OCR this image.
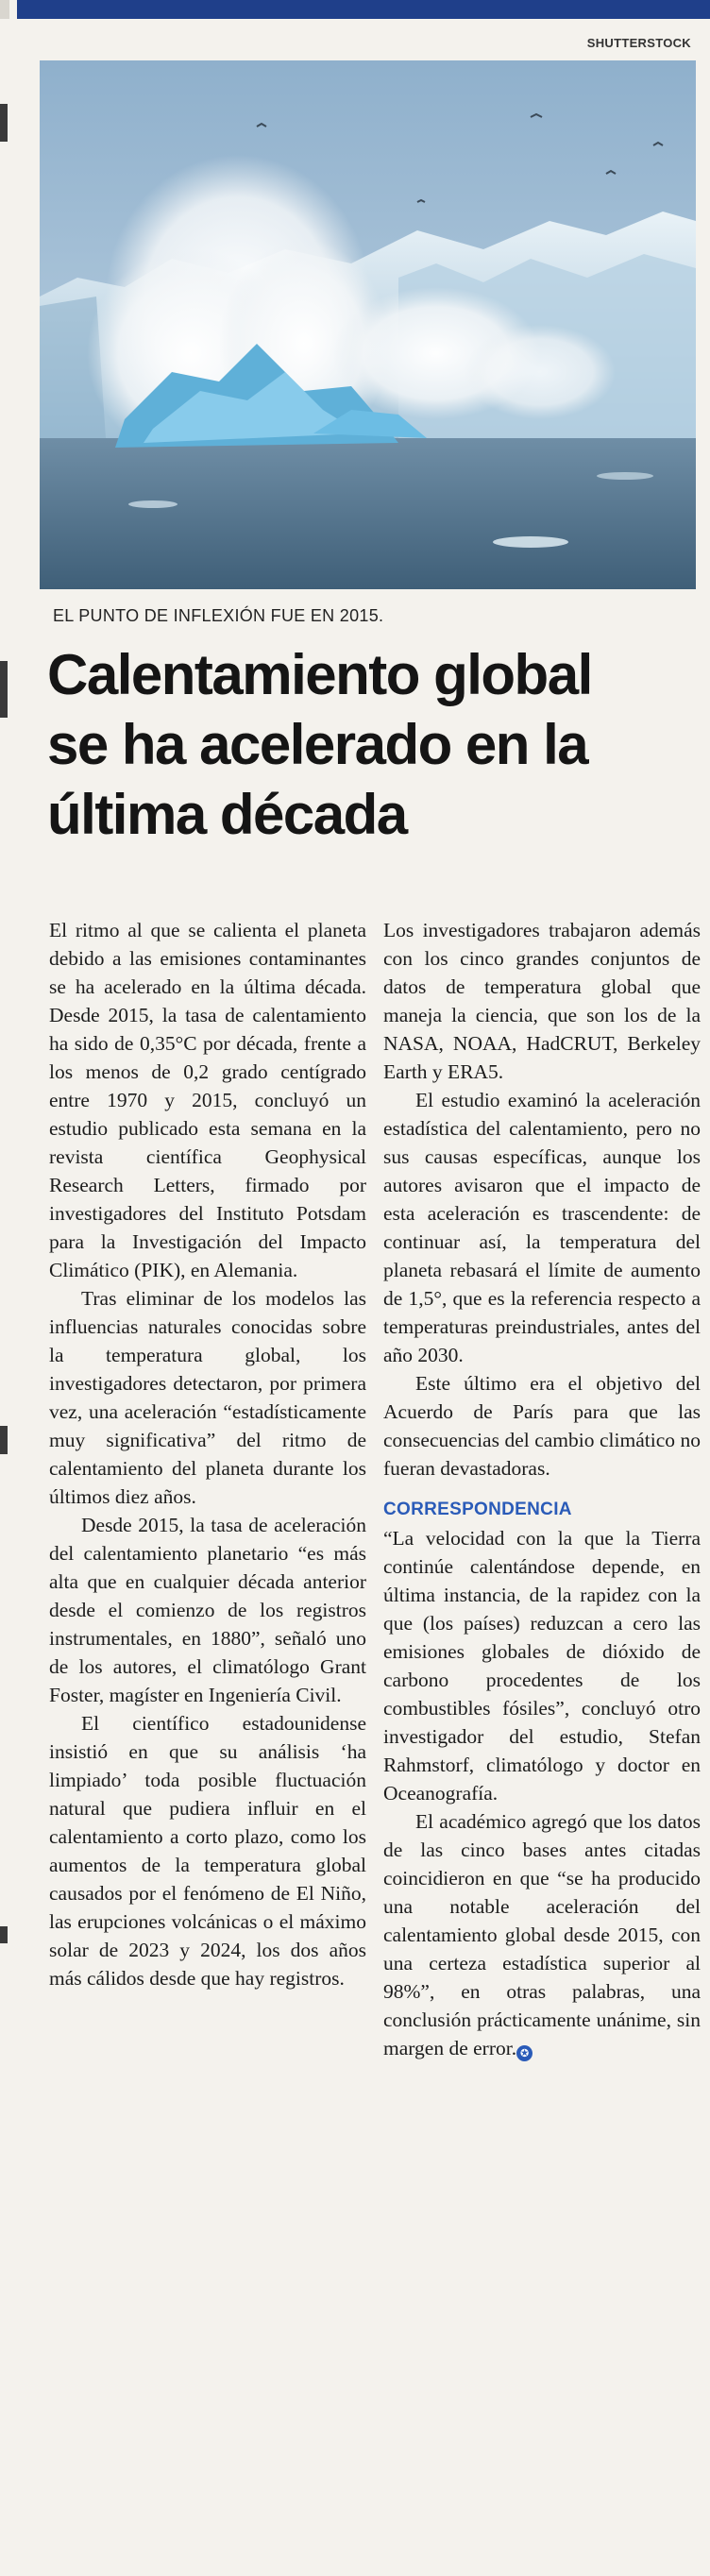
SHUTTERSTOCK
EL PUNTO DE INFLEXIÓN FUE EN 2015.
Calentamiento global
se ha acelerado en la
última década

El ritmo al que se calienta el planeta debido a las emisiones contaminantes se ha acelerado en la última década. Desde 2015, la tasa de calentamiento ha sido de 0,35°C por década, frente a los menos de 0,2 grado centígrado entre 1970 y 2015, concluyó un estudio publicado esta semana en la revista científica Geophysical Research Letters, firmado por investigadores del Instituto Potsdam para la Investigación del Impacto Climático (PIK), en Alemania.

Tras eliminar de los modelos las influencias naturales conocidas sobre la temperatura global, los investigadores detectaron, por primera vez, una aceleración “estadísticamente muy significativa” del ritmo de calentamiento del planeta durante los últimos diez años.

Desde 2015, la tasa de aceleración del calentamiento planetario “es más alta que en cualquier década anterior desde el comienzo de los registros instrumentales, en 1880”, señaló uno de los autores, el climatólogo Grant Foster, magíster en Ingeniería Civil.

El científico estadounidense insistió en que su análisis ‘ha limpiado’ toda posible fluctuación natural que pudiera influir en el calentamiento a corto plazo, como los aumentos de la temperatura global causados por el fenómeno de El Niño, las erupciones volcánicas o el máximo solar de 2023 y 2024, los dos años más cálidos desde que hay registros.

Los investigadores trabajaron además con los cinco grandes conjuntos de datos de temperatura global que maneja la ciencia, que son los de la NASA, NOAA, HadCRUT, Berkeley Earth y ERA5.

El estudio examinó la aceleración estadística del calentamiento, pero no sus causas específicas, aunque los autores avisaron que el impacto de esta aceleración es trascendente: de continuar así, la temperatura del planeta rebasará el límite de aumento de 1,5°, que es la referencia respecto a temperaturas preindustriales, antes del año 2030.

Este último era el objetivo del Acuerdo de París para que las consecuencias del cambio climático no fueran devastadoras.

CORRESPONDENCIA

“La velocidad con la que la Tierra continúe calentándose depende, en última instancia, de la rapidez con la que (los países) reduzcan a cero las emisiones globales de dióxido de carbono procedentes de los combustibles fósiles”, concluyó otro investigador del estudio, Stefan Rahmstorf, climatólogo y doctor en Oceanografía.

El académico agregó que los datos de las cinco bases antes citadas coincidieron en que “se ha producido una notable aceleración del calentamiento global desde 2015, con una certeza estadística superior al 98%”, en otras palabras, una conclusión prácticamente unánime, sin margen de error. ✪
